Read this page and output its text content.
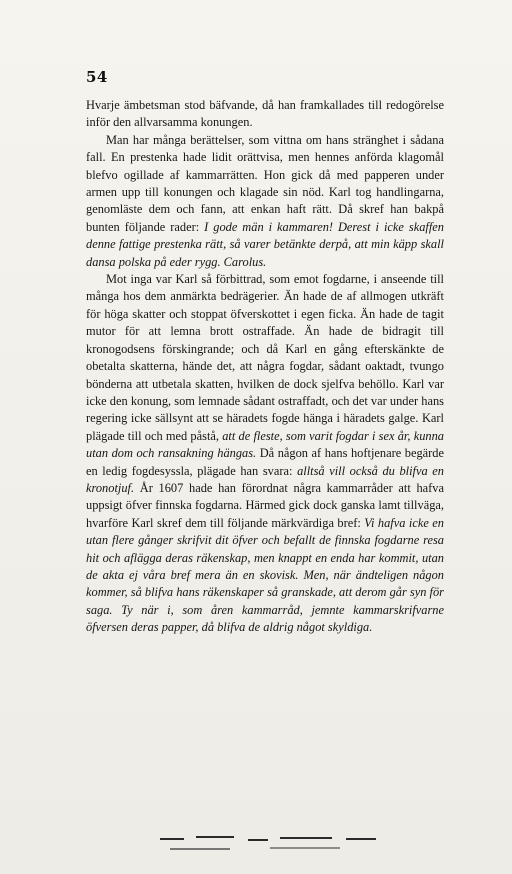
54

Hvarje ämbetsman stod bäfvande, då han framkallades till redogörelse inför den allvarsamma konungen.

Man har många berättelser, som vittna om hans stränghet i sådana fall. En prestenka hade lidit orättvisa, men hennes anförda klagomål blefvo ogillade af kammarrätten. Hon gick då med papperen under armen upp till konungen och klagade sin nöd. Karl tog handlingarna, genomläste dem och fann, att enkan haft rätt. Då skref han bakpå bunten följande rader: I gode män i kammaren! Derest i icke skaffen denne fattige prestenka rätt, så varer betänkte derpå, att min käpp skall dansa polska på eder rygg. Carolus.

Mot inga var Karl så förbittrad, som emot fogdarne, i anseende till många hos dem anmärkta bedrägerier. Än hade de af allmogen utkräft för höga skatter och stoppat öfverskottet i egen ficka. Än hade de tagit mutor för att lemna brott ostraffade. Än hade de bidragit till kronogodsens förskingrande; och då Karl en gång efterskänkte de obetalta skatterna, hände det, att några fogdar, sådant oaktadt, tvungo bönderna att utbetala skatten, hvilken de dock sjelfva behöllo. Karl var icke den konung, som lemnade sådant ostraffadt, och det var under hans regering icke sällsynt att se häradets fogde hänga i häradets galge. Karl plägade till och med påstå, att de fleste, som varit fogdar i sex år, kunna utan dom och ransakning hängas. Då någon af hans hoftjenare begärde en ledig fogdesyssla, plägade han svara: alltså vill också du blifva en kronotjuf. År 1607 hade han förordnat några kammarråder att hafva uppsigt öfver finnska fogdarna. Härmed gick dock ganska lamt tillväga, hvarföre Karl skref dem till följande märkvärdiga bref: Vi hafva icke en utan flere gånger skrifvit dit öfver och befallt de finnska fogdarne resa hit och aflägga deras räkenskap, men knappt en enda har kommit, utan de akta ej våra bref mera än en skovisk. Men, när ändteligen någon kommer, så blifva hans räkenskaper så granskade, att derom går syn för saga. Ty när i, som åren kammarråd, jemnte kammarskrifvarne öfversen deras papper, då blifva de aldrig något skyldiga.
